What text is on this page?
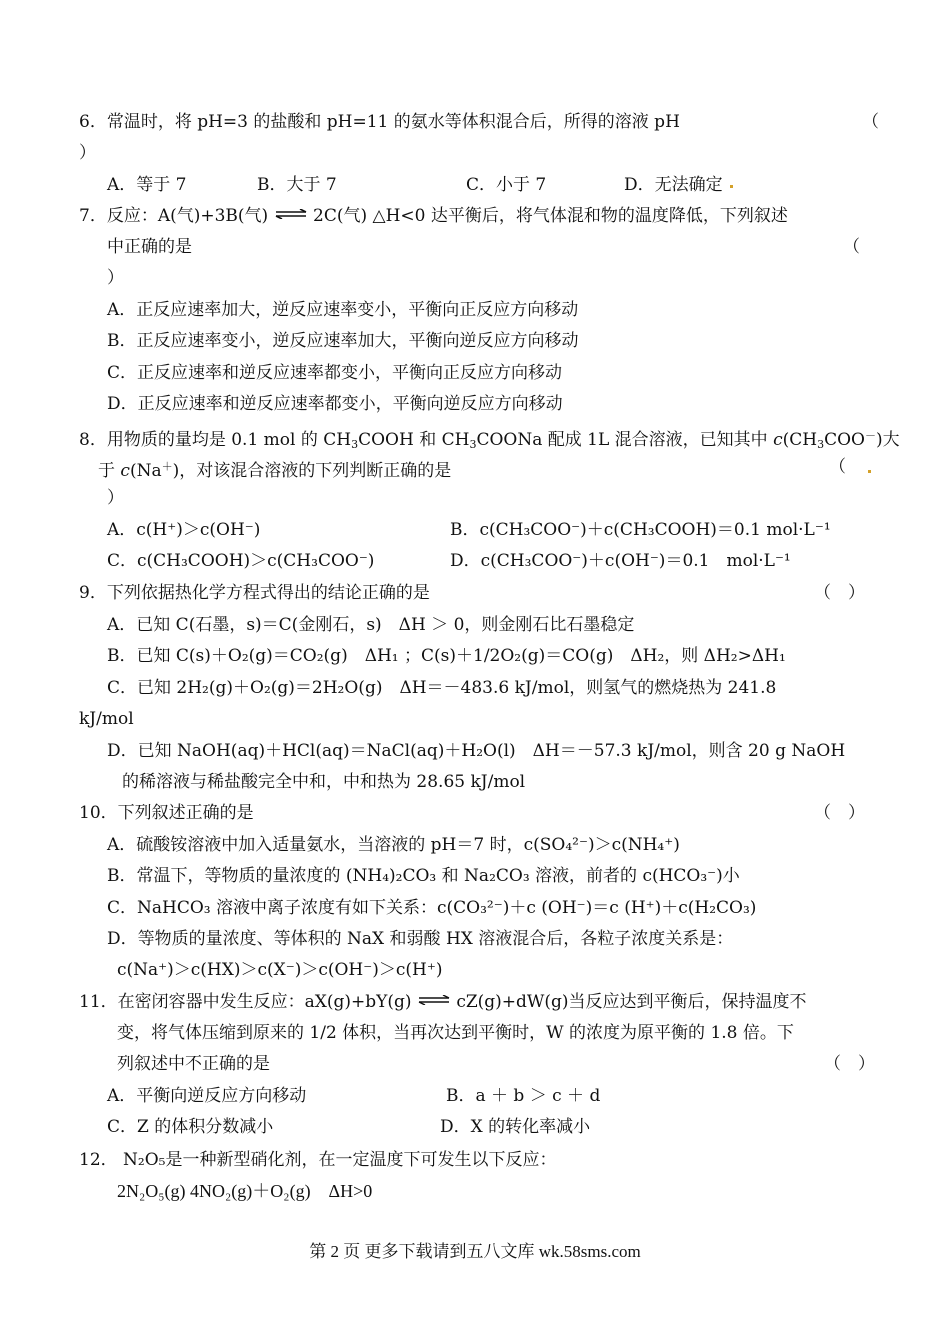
6．常温时，将 pH=3 的盐酸和 pH=11 的氨水等体积混合后，所得的溶液 pH	（
）
A．等于 7	B．大于 7	C．小于 7	D．无法确定
7．反应：A(气)+3B(气) ⇌ 2C(气) △H<0 达平衡后，将气体混和物的温度降低，下列叙述
中正确的是	（
）
A．正反应速率加大，逆反应速率变小，平衡向正反应方向移动
B．正反应速率变小，逆反应速率加大，平衡向逆反应方向移动
C．正反应速率和逆反应速率都变小，平衡向正反应方向移动
D．正反应速率和逆反应速率都变小，平衡向逆反应方向移动
8．用物质的量均是 0.1 mol 的 $CH_3COOH$ 和 $CH_3COONa$ 配成 1L 混合溶液，已知其中 $c(CH_3COO^-)$大
于 c(Na＋)，对该混合溶液的下列判断正确的是	（
）
A．c(H⁺)＞c(OH⁻)	B．c(CH₃COO⁻)＋c(CH₃COOH)＝0.1 mol·L⁻¹
C．c(CH₃COOH)＞c(CH₃COO⁻)	D．c(CH₃COO⁻)＋c(OH⁻)＝0.1　mol·L⁻¹
9．下列依据热化学方程式得出的结论正确的是	（　）
A．已知 C(石墨，s)＝C(金刚石，s)　ΔH ＞ 0，则金刚石比石墨稳定
B．已知 C(s)＋O₂(g)＝CO₂(g)　ΔH₁ ；C(s)＋1/2O₂(g)＝CO(g)　ΔH₂，则 ΔH₂>ΔH₁
C．已知 2H₂(g)＋O₂(g)＝2H₂O(g)　ΔH＝－483.6 kJ/mol，则氢气的燃烧热为 241.8
kJ/mol
D．已知 NaOH(aq)＋HCl(aq)＝NaCl(aq)＋H₂O(l)　ΔH＝－57.3 kJ/mol，则含 20 g NaOH
的稀溶液与稀盐酸完全中和，中和热为 28.65 kJ/mol
10．下列叙述正确的是	（　）
A．硫酸铵溶液中加入适量氨水，当溶液的 pH＝7 时，c(SO₄²⁻)＞c(NH₄⁺)
B．常温下，等物质的量浓度的 (NH₄)₂CO₃ 和 Na₂CO₃ 溶液，前者的 c(HCO₃⁻)小
C．NaHCO₃ 溶液中离子浓度有如下关系：c(CO₃²⁻)＋c (OH⁻)＝c (H⁺)＋c(H₂CO₃)
D．等物质的量浓度、等体积的 NaX 和弱酸 HX 溶液混合后，各粒子浓度关系是：
c(Na⁺)＞c(HX)＞c(X⁻)＞c(OH⁻)＞c(H⁺)
11．在密闭容器中发生反应：aX(g)+bY(g) ⇌ cZ(g)+dW(g)当反应达到平衡后，保持温度不
变，将气体压缩到原来的 1/2 体积，当再次达到平衡时，W 的浓度为原平衡的 1.8 倍。下
列叙述中不正确的是	（　）
A．平衡向逆反应方向移动	B．a ＋ b ＞ c ＋ d
C．Z 的体积分数减小	D．X 的转化率减小
12． N₂O₅是一种新型硝化剂，在一定温度下可发生以下反应：
2N₂O₅(g) 4NO₂(g)＋O₂(g)　ΔH>0
第 2 页 更多下载请到五八文库 wk.58sms.com
